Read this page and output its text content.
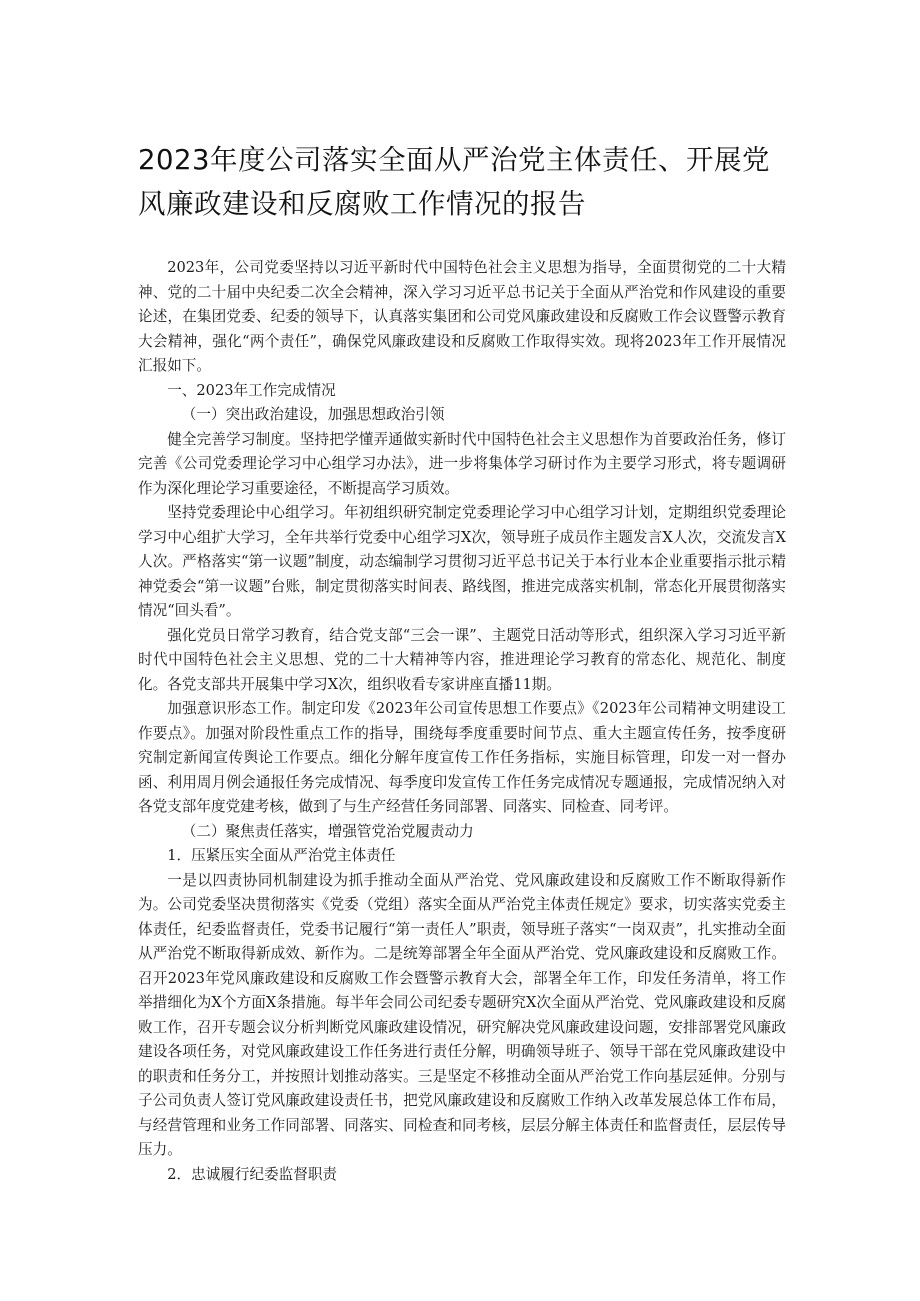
2023年度公司落实全面从严治党主体责任、开展党风廉政建设和反腐败工作情况的报告

2023年，公司党委坚持以习近平新时代中国特色社会主义思想为指导，全面贯彻党的二十大精神、党的二十届中央纪委二次全会精神，深入学习习近平总书记关于全面从严治党和作风建设的重要论述，在集团党委、纪委的领导下，认真落实集团和公司党风廉政建设和反腐败工作会议暨警示教育大会精神，强化“两个责任”，确保党风廉政建设和反腐败工作取得实效。现将2023年工作开展情况汇报如下。

一、2023年工作完成情况

（一）突出政治建设，加强思想政治引领

健全完善学习制度。坚持把学懂弄通做实新时代中国特色社会主义思想作为首要政治任务，修订完善《公司党委理论学习中心组学习办法》，进一步将集体学习研讨作为主要学习形式，将专题调研作为深化理论学习重要途径，不断提高学习质效。

坚持党委理论中心组学习。年初组织研究制定党委理论学习中心组学习计划，定期组织党委理论学习中心组扩大学习，全年共举行党委中心组学习X次，领导班子成员作主题发言X人次，交流发言X人次。严格落实“第一议题”制度，动态编制学习贯彻习近平总书记关于本行业本企业重要指示批示精神党委会“第一议题”台账，制定贯彻落实时间表、路线图，推进完成落实机制，常态化开展贯彻落实情况“回头看”。

强化党员日常学习教育，结合党支部“三会一课”、主题党日活动等形式，组织深入学习习近平新时代中国特色社会主义思想、党的二十大精神等内容，推进理论学习教育的常态化、规范化、制度化。各党支部共开展集中学习X次，组织收看专家讲座直播11期。

加强意识形态工作。制定印发《2023年公司宣传思想工作要点》《2023年公司精神文明建设工作要点》。加强对阶段性重点工作的指导，围绕每季度重要时间节点、重大主题宣传任务，按季度研究制定新闻宣传舆论工作要点。细化分解年度宣传工作任务指标，实施目标管理，印发一对一督办函、利用周月例会通报任务完成情况、每季度印发宣传工作任务完成情况专题通报，完成情况纳入对各党支部年度党建考核，做到了与生产经营任务同部署、同落实、同检查、同考评。

（二）聚焦责任落实，增强管党治党履责动力

1．压紧压实全面从严治党主体责任

一是以四责协同机制建设为抓手推动全面从严治党、党风廉政建设和反腐败工作不断取得新作为。公司党委坚决贯彻落实《党委（党组）落实全面从严治党主体责任规定》要求，切实落实党委主体责任，纪委监督责任，党委书记履行“第一责任人”职责，领导班子落实“一岗双责”，扎实推动全面从严治党不断取得新成效、新作为。二是统筹部署全年全面从严治党、党风廉政建设和反腐败工作。召开2023年党风廉政建设和反腐败工作会暨警示教育大会，部署全年工作，印发任务清单，将工作举措细化为X个方面X条措施。每半年会同公司纪委专题研究X次全面从严治党、党风廉政建设和反腐败工作，召开专题会议分析判断党风廉政建设情况，研究解决党风廉政建设问题，安排部署党风廉政建设各项任务，对党风廉政建设工作任务进行责任分解，明确领导班子、领导干部在党风廉政建设中的职责和任务分工，并按照计划推动落实。三是坚定不移推动全面从严治党工作向基层延伸。分别与子公司负责人签订党风廉政建设责任书，把党风廉政建设和反腐败工作纳入改革发展总体工作布局，与经营管理和业务工作同部署、同落实、同检查和同考核，层层分解主体责任和监督责任，层层传导压力。

2．忠诚履行纪委监督职责
